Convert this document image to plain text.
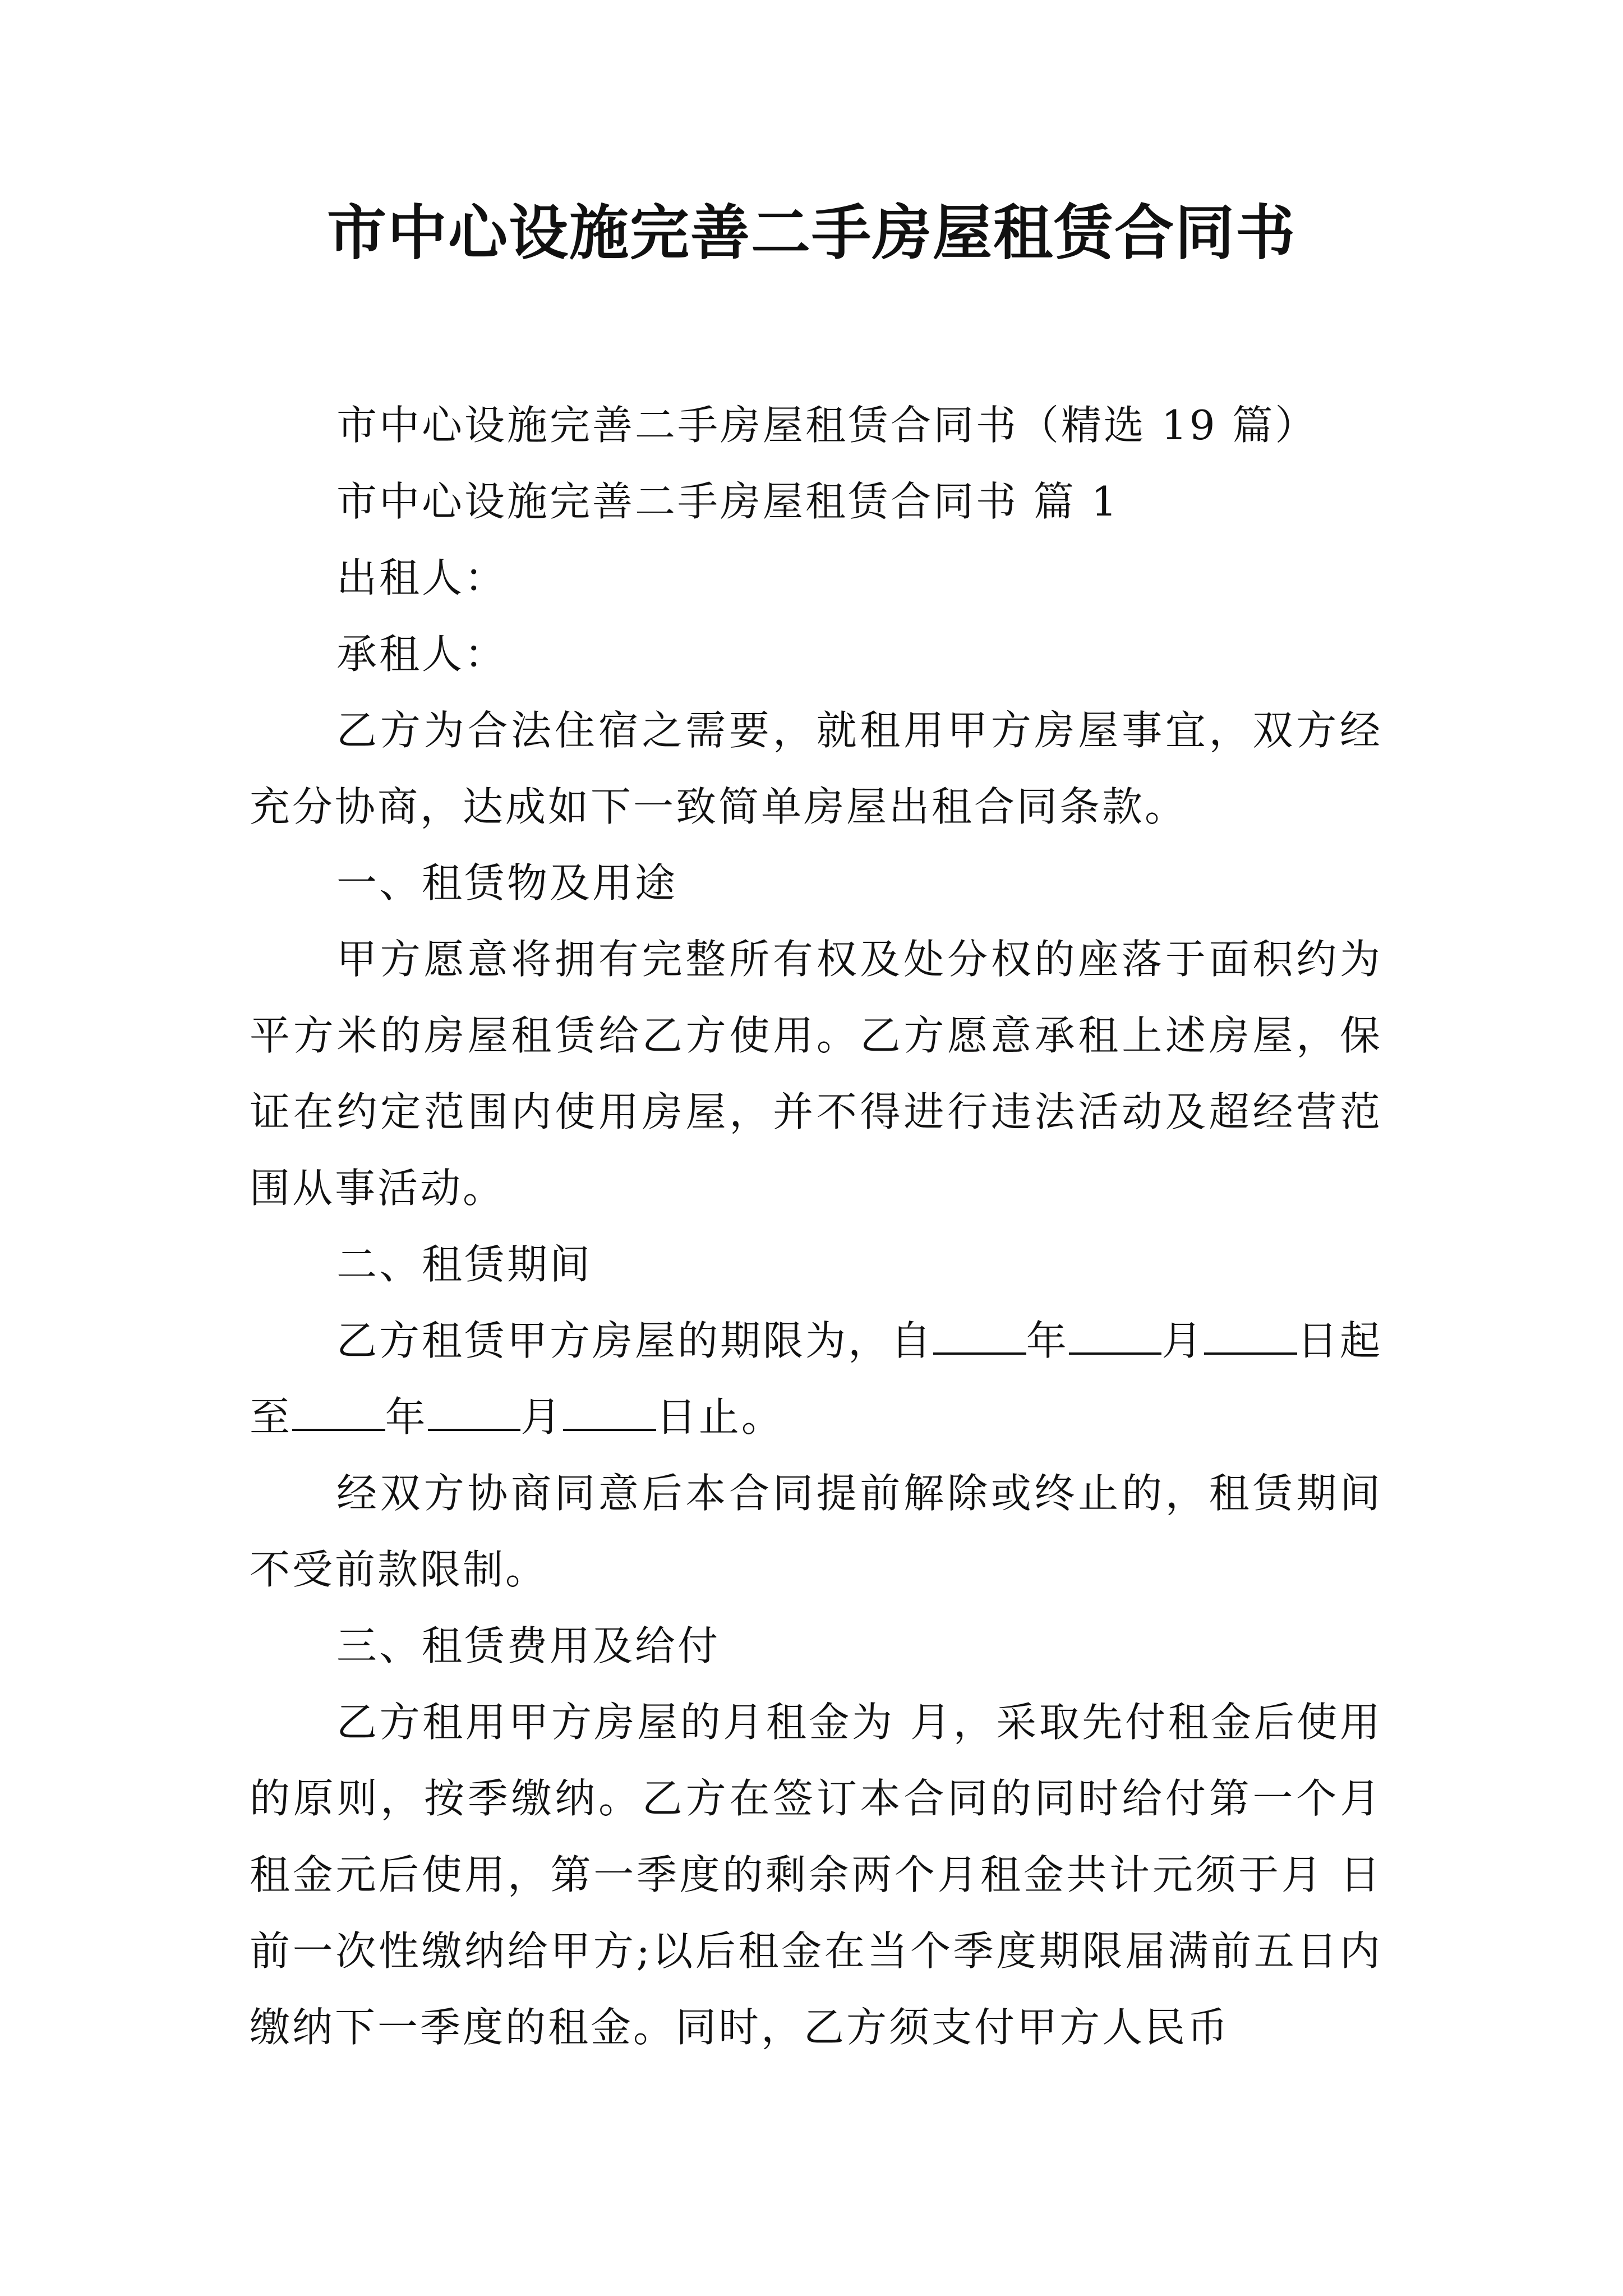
市中心设施完善二手房屋租赁合同书

市中心设施完善二手房屋租赁合同书（精选 19 篇）

市中心设施完善二手房屋租赁合同书 篇 1

出租人：

承租人：

乙方为合法住宿之需要，就租用甲方房屋事宜，双方经充分协商，达成如下一致简单房屋出租合同条款。

一、租赁物及用途

甲方愿意将拥有完整所有权及处分权的座落于面积约为平方米的房屋租赁给乙方使用。乙方愿意承租上述房屋，保证在约定范围内使用房屋，并不得进行违法活动及超经营范围从事活动。

二、租赁期间

乙方租赁甲方房屋的期限为，自 年 月 日起至 年 月 日止。

经双方协商同意后本合同提前解除或终止的，租赁期间不受前款限制。

三、租赁费用及给付

乙方租用甲方房屋的月租金为 月，采取先付租金后使用的原则，按季缴纳。乙方在签订本合同的同时给付第一个月租金元后使用，第一季度的剩余两个月租金共计元须于月 日前一次性缴纳给甲方;以后租金在当个季度期限届满前五日内缴纳下一季度的租金。同时，乙方须支付甲方人民币
